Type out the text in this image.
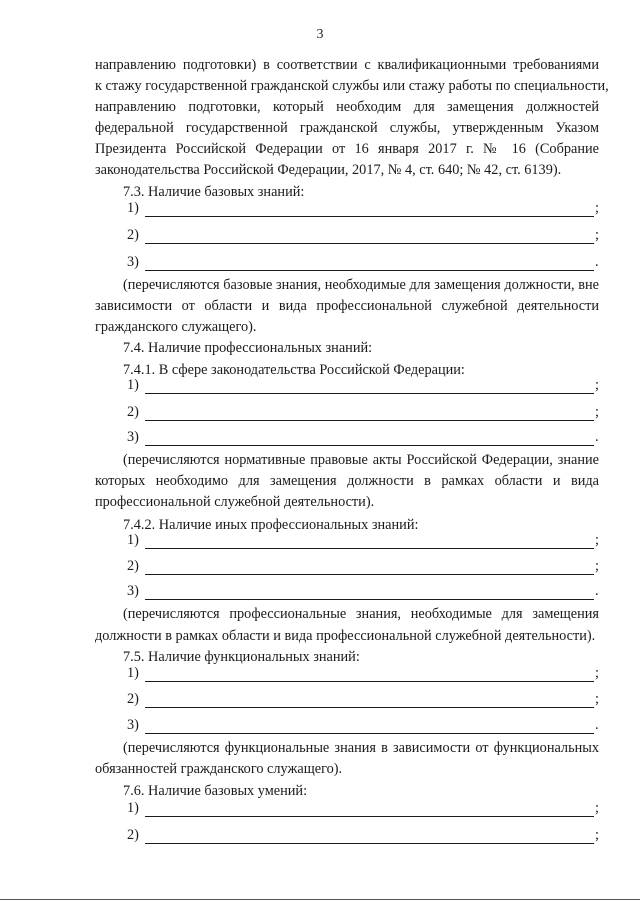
3
направлению подготовки) в соответствии с квалификационными требованиями
к стажу государственной гражданской службы или стажу работы по специальности,
направлению подготовки, который необходим для замещения должностей
федеральной государственной гражданской службы, утвержденным Указом
Президента Российской Федерации от 16 января 2017 г. № 16 (Собрание
законодательства Российской Федерации, 2017, № 4, ст. 640; № 42, ст. 6139).
7.3. Наличие базовых знаний:
1)	;
2)	;
3)	.
(перечисляются базовые знания, необходимые для замещения должности, вне
зависимости от области и вида профессиональной служебной деятельности
гражданского служащего).
7.4. Наличие профессиональных знаний:
7.4.1. В сфере законодательства Российской Федерации:
1)	;
2)	;
3)	.
(перечисляются нормативные правовые акты Российской Федерации, знание
которых необходимо для замещения должности в рамках области и вида
профессиональной служебной деятельности).
7.4.2. Наличие иных профессиональных знаний:
1)	;
2)	;
3)	.
(перечисляются профессиональные знания, необходимые для замещения
должности в рамках области и вида профессиональной служебной деятельности).
7.5. Наличие функциональных знаний:
1)	;
2)	;
3)	.
(перечисляются функциональные знания в зависимости от функциональных
обязанностей гражданского служащего).
7.6. Наличие базовых умений:
1)	;
2)	;
